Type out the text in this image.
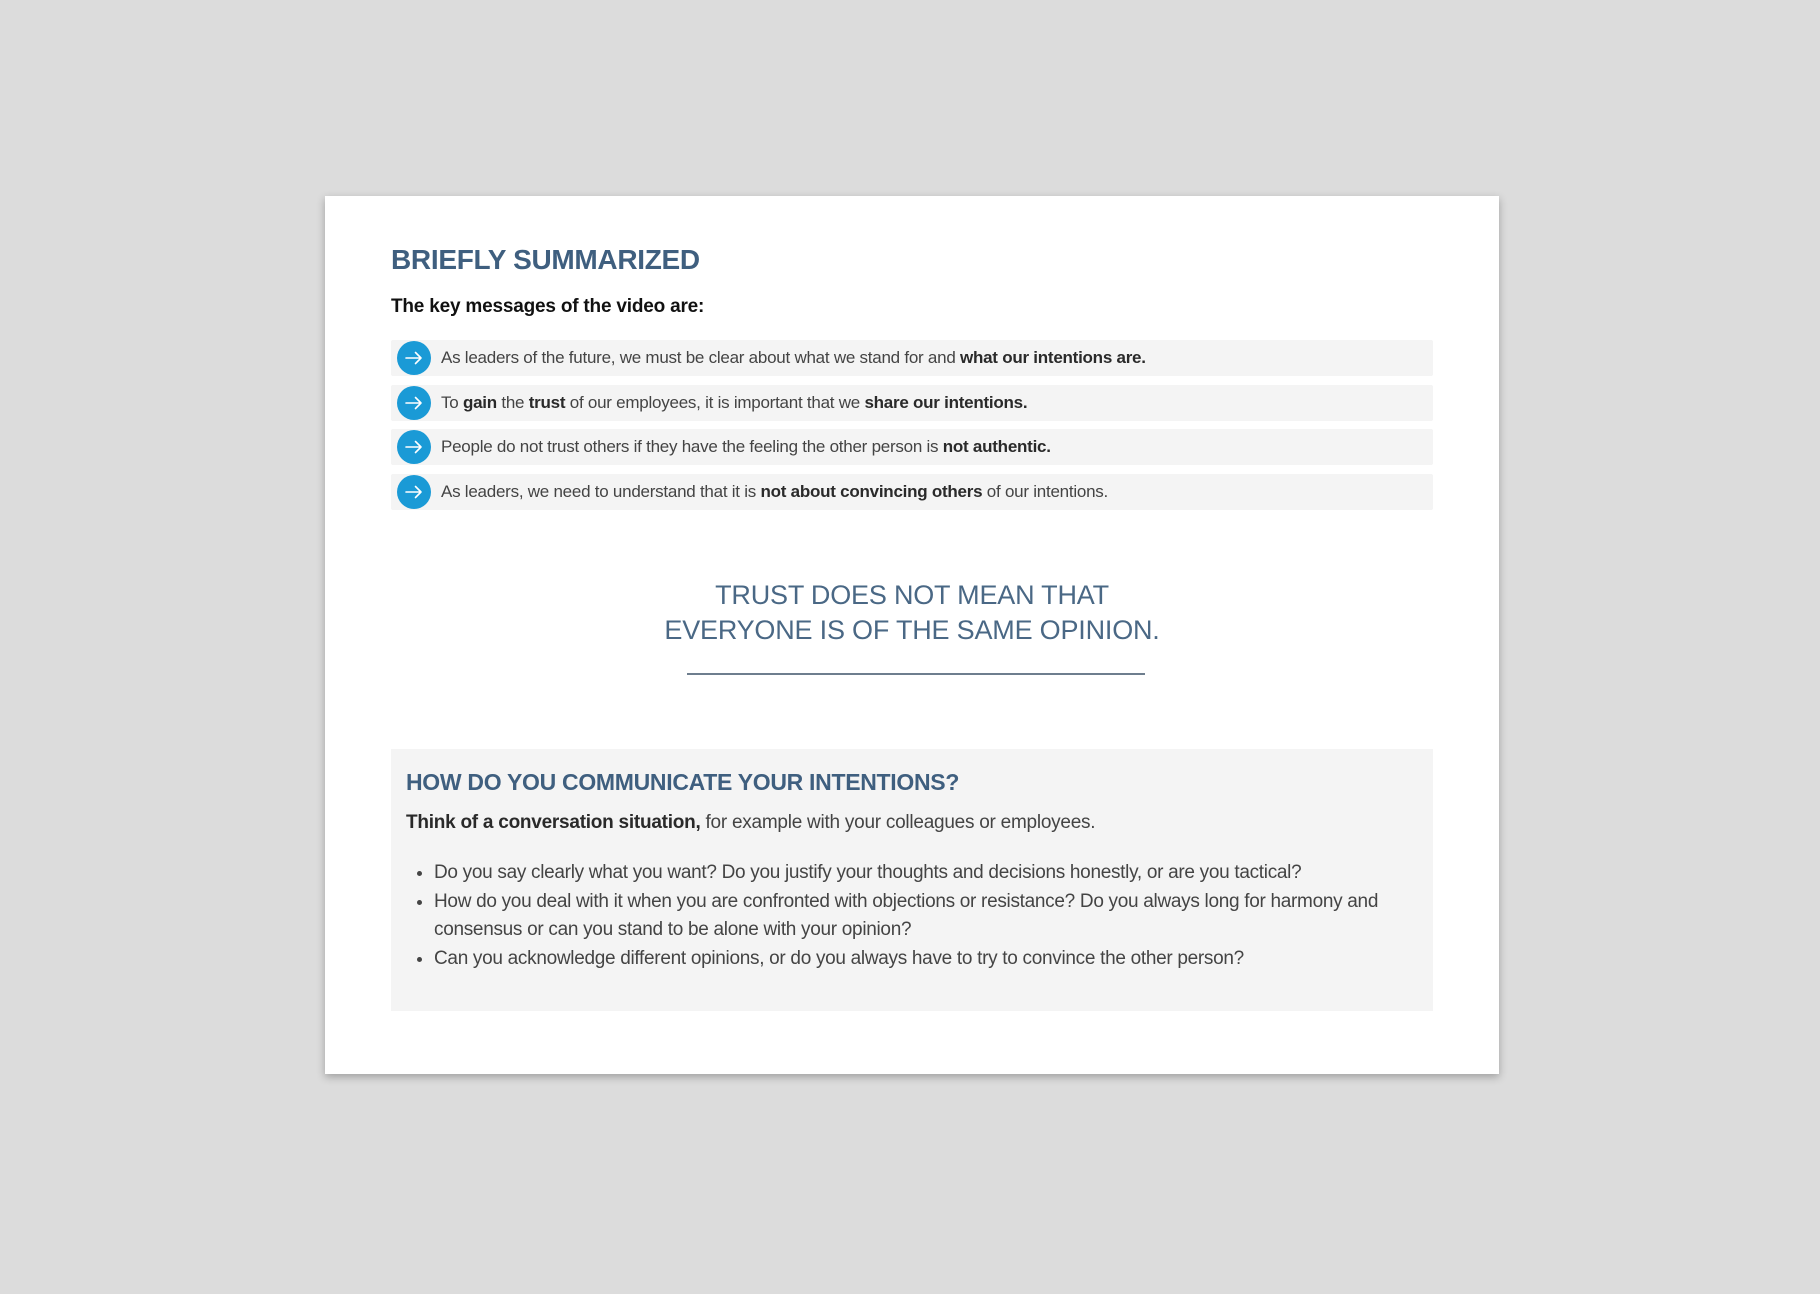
BRIEFLY SUMMARIZED

The key messages of the video are:

As leaders of the future, we must be clear about what we stand for and what our intentions are.
To gain the trust of our employees, it is important that we share our intentions.
People do not trust others if they have the feeling the other person is not authentic.
As leaders, we need to understand that it is not about convincing others of our intentions.

TRUST DOES NOT MEAN THAT
EVERYONE IS OF THE SAME OPINION.

HOW DO YOU COMMUNICATE YOUR INTENTIONS?

Think of a conversation situation, for example with your colleagues or employees.

• Do you say clearly what you want? Do you justify your thoughts and decisions honestly, or are you tactical?
• How do you deal with it when you are confronted with objections or resistance? Do you always long for harmony and consensus or can you stand to be alone with your opinion?
• Can you acknowledge different opinions, or do you always have to try to convince the other person?
